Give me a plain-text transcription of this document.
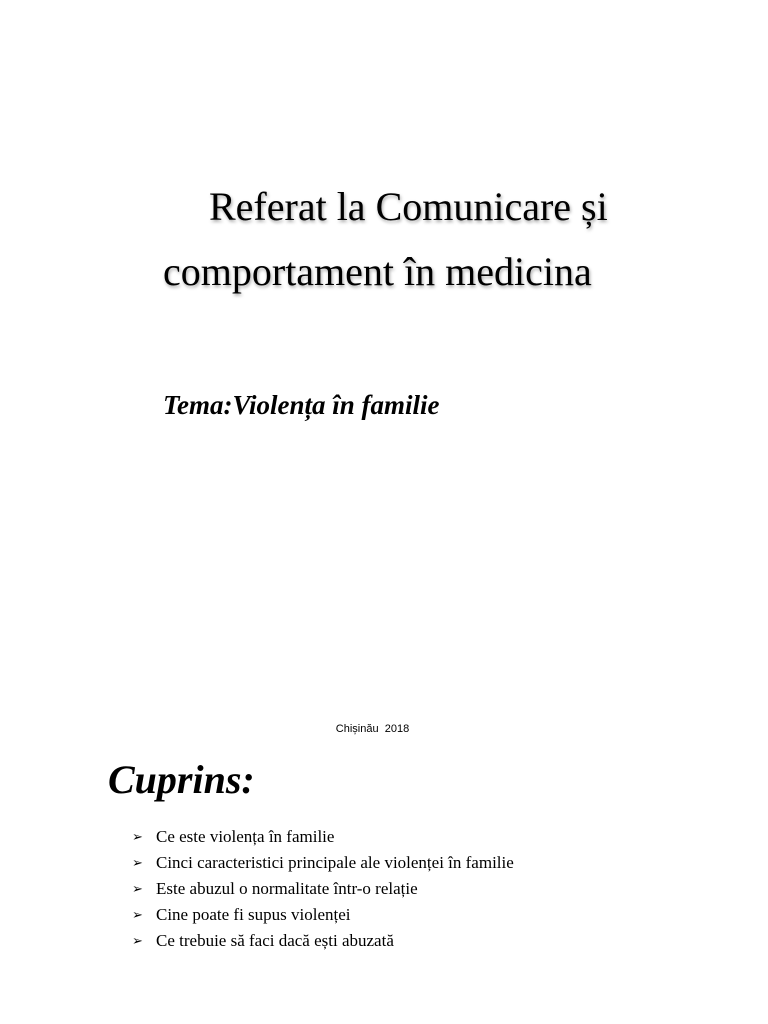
Referat la Comunicare și
comportament în medicina
Tema:Violența în familie
Chișinău  2018
Cuprins:
➢ Ce este violența în familie
➢ Cinci caracteristici principale ale violenței în familie
➢ Este abuzul o normalitate într-o relație
➢ Cine poate fi supus violenței
➢ Ce trebuie să faci dacă ești abuzată
